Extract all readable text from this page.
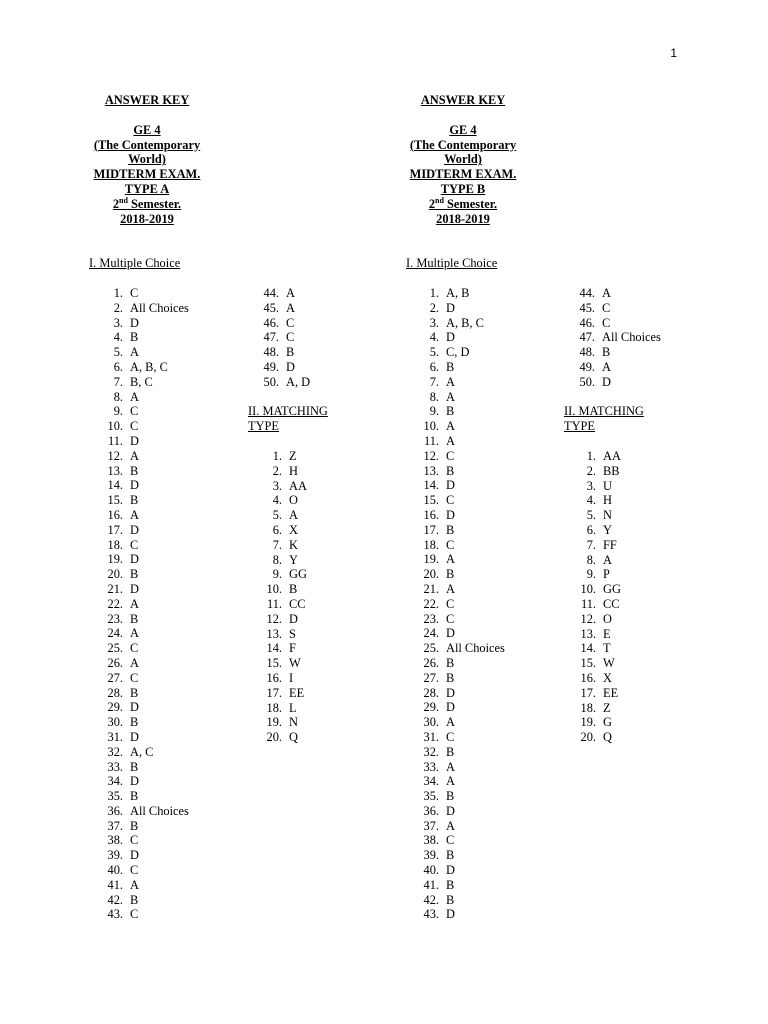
1
ANSWER KEY
GE 4
(The Contemporary
World)
MIDTERM EXAM.
TYPE A
2nd Semester.
2018-2019
ANSWER KEY
GE 4
(The Contemporary
World)
MIDTERM EXAM.
TYPE B
2nd Semester.
2018-2019
I. Multiple Choice	I. Multiple Choice
II. MATCHING
TYPE
II. MATCHING
TYPE
1. C
2. All Choices
3. D
4. B
5. A
6. A, B, C
7. B, C
8. A
9. C
10. C
11. D
12. A
13. B
14. D
15. B
16. A
17. D
18. C
19. D
20. B
21. D
22. A
23. B
24. A
25. C
26. A
27. C
28. B
29. D
30. B
31. D
32. A, C
33. B
34. D
35. B
36. All Choices
37. B
38. C
39. D
40. C
41. A
42. B
43. C
44. A
45. A
46. C
47. C
48. B
49. D
50. A, D
1. Z
2. H
3. AA
4. O
5. A
6. X
7. K
8. Y
9. GG
10. B
11. CC
12. D
13. S
14. F
15. W
16. I
17. EE
18. L
19. N
20. Q
1. A, B
2. D
3. A, B, C
4. D
5. C, D
6. B
7. A
8. A
9. B
10. A
11. A
12. C
13. B
14. D
15. C
16. D
17. B
18. C
19. A
20. B
21. A
22. C
23. C
24. D
25. All Choices
26. B
27. B
28. D
29. D
30. A
31. C
32. B
33. A
34. A
35. B
36. D
37. A
38. C
39. B
40. D
41. B
42. B
43. D
44. A
45. C
46. C
47. All Choices
48. B
49. A
50. D
1. AA
2. BB
3. U
4. H
5. N
6. Y
7. FF
8. A
9. P
10. GG
11. CC
12. O
13. E
14. T
15. W
16. X
17. EE
18. Z
19. G
20. Q
